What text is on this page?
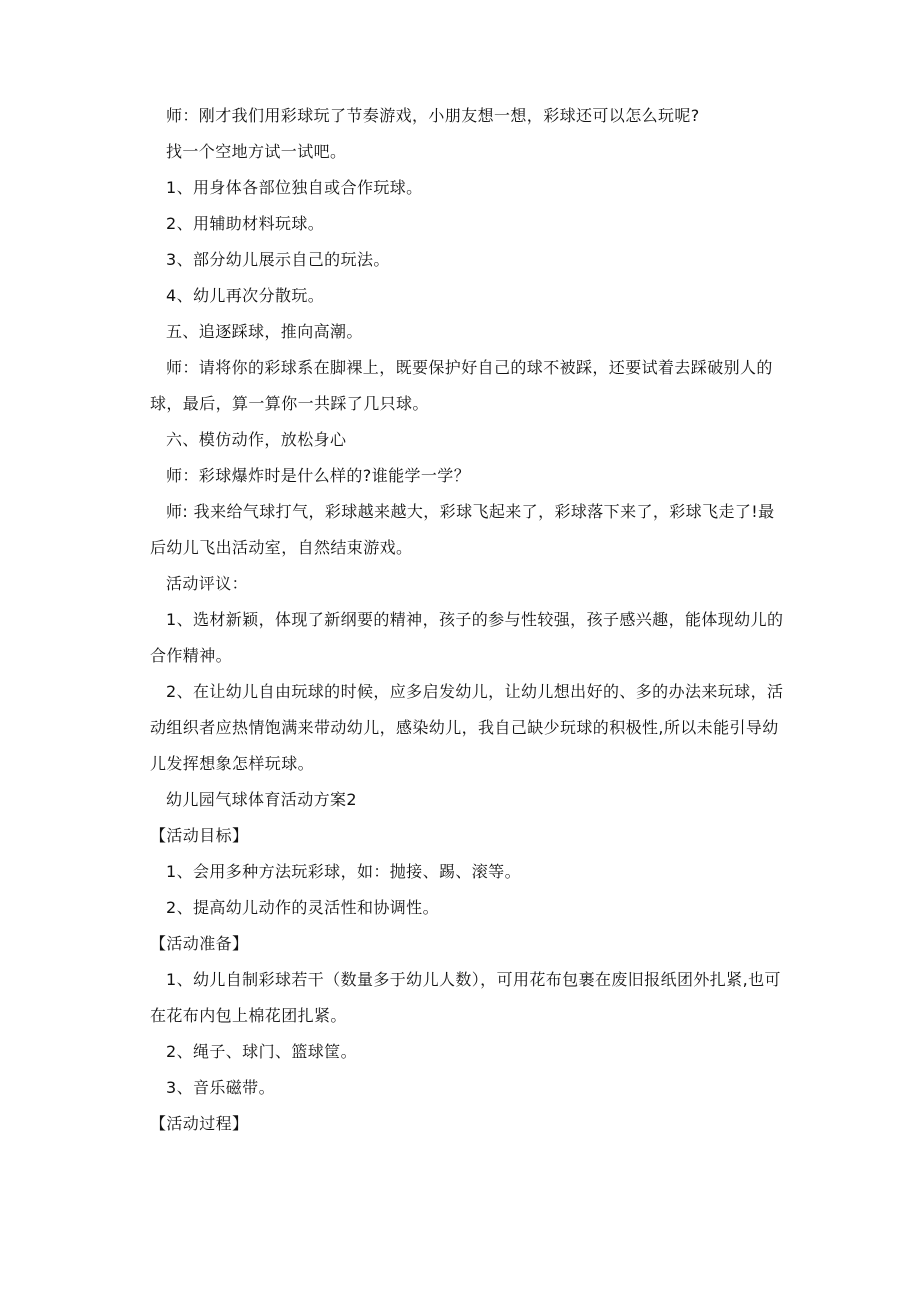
师：刚才我们用彩球玩了节奏游戏，小朋友想一想，彩球还可以怎么玩呢?

找一个空地方试一试吧。

1、用身体各部位独自或合作玩球。

2、用辅助材料玩球。

3、部分幼儿展示自己的玩法。

4、幼儿再次分散玩。

五、追逐踩球，推向高潮。

师：请将你的彩球系在脚裸上，既要保护好自己的球不被踩，还要试着去踩破别人的球，最后，算一算你一共踩了几只球。

六、模仿动作，放松身心

师：彩球爆炸时是什么样的?谁能学一学？

师: 我来给气球打气，彩球越来越大，彩球飞起来了，彩球落下来了，彩球飞走了!最后幼儿飞出活动室，自然结束游戏。

活动评议：

1、选材新颖，体现了新纲要的精神，孩子的参与性较强，孩子感兴趣，能体现幼儿的合作精神。

2、在让幼儿自由玩球的时候，应多启发幼儿，让幼儿想出好的、多的办法来玩球，活动组织者应热情饱满来带动幼儿，感染幼儿，我自己缺少玩球的积极性,所以未能引导幼儿发挥想象怎样玩球。

幼儿园气球体育活动方案2

【活动目标】

1、会用多种方法玩彩球，如：抛接、踢、滚等。

2、提高幼儿动作的灵活性和协调性。

【活动准备】

1、幼儿自制彩球若干（数量多于幼儿人数），可用花布包裹在废旧报纸团外扎紧,也可在花布内包上棉花团扎紧。

2、绳子、球门、篮球筐。

3、音乐磁带。

【活动过程】
